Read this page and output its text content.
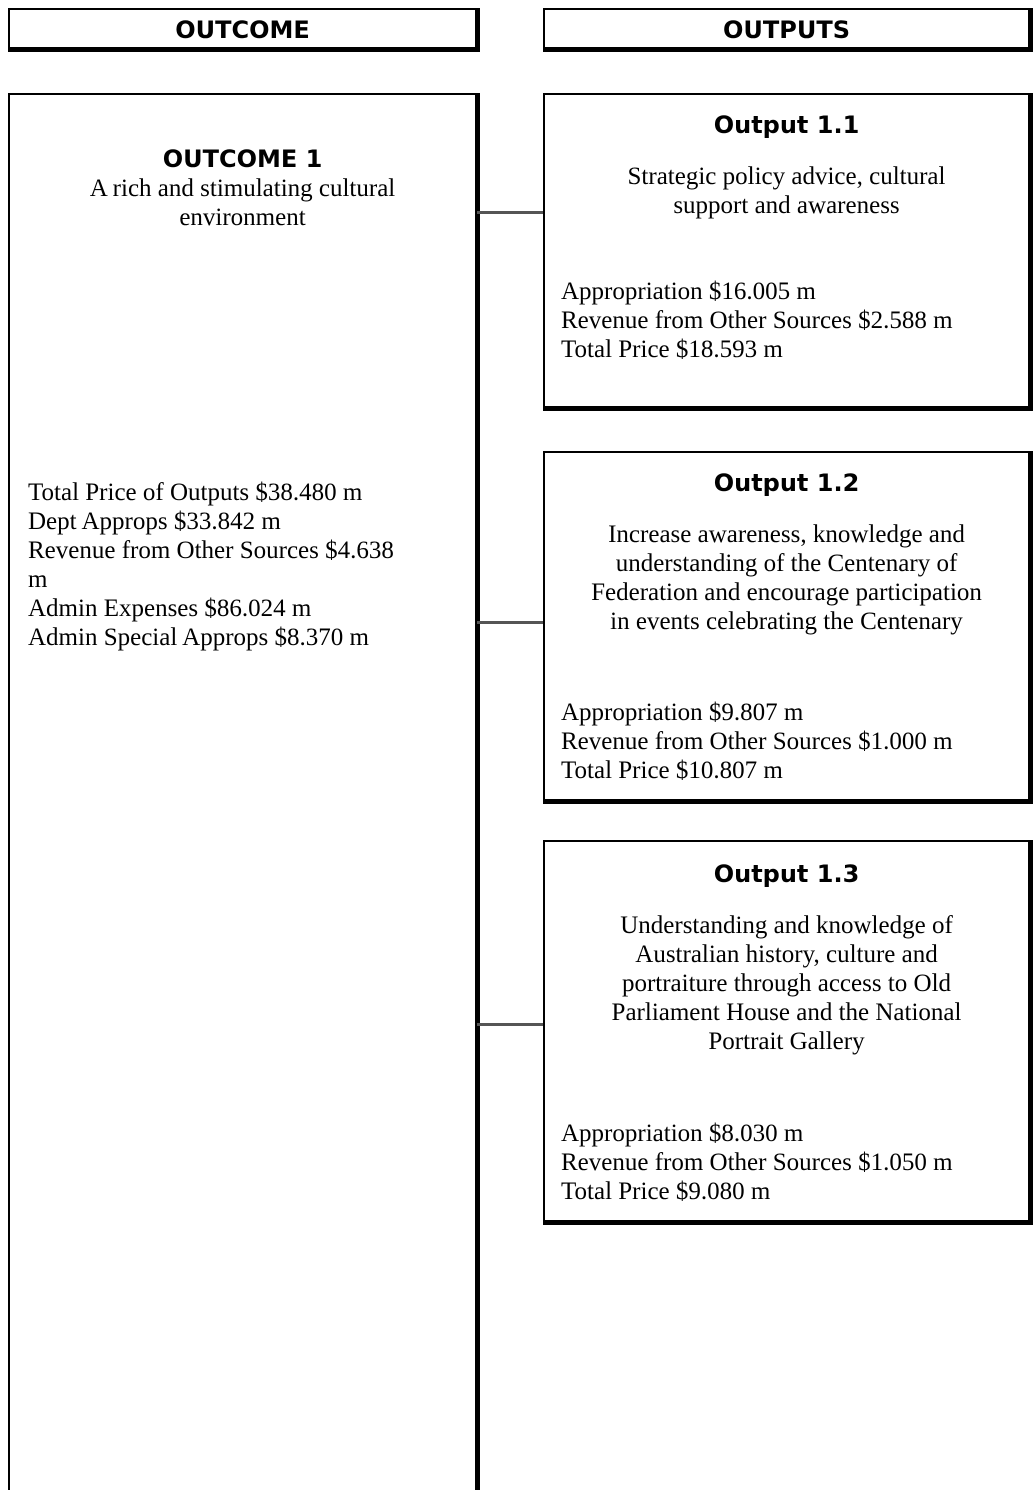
OUTCOME	OUTPUTS
OUTCOME 1
A rich and stimulating cultural
environment
Total Price of Outputs $38.480 m
Dept Approps $33.842 m
Revenue from Other Sources $4.638
m
Admin Expenses $86.024 m
Admin Special Approps $8.370 m
Output 1.1
Strategic policy advice, cultural
support and awareness
Appropriation $16.005 m
Revenue from Other Sources $2.588 m
Total Price $18.593 m
Output 1.2
Increase awareness, knowledge and
understanding of the Centenary of
Federation and encourage participation
in events celebrating the Centenary
Appropriation $9.807 m
Revenue from Other Sources $1.000 m
Total Price $10.807 m
Output 1.3
Understanding and knowledge of
Australian history, culture and
portraiture through access to Old
Parliament House and the National
Portrait Gallery
Appropriation $8.030 m
Revenue from Other Sources $1.050 m
Total Price $9.080 m
